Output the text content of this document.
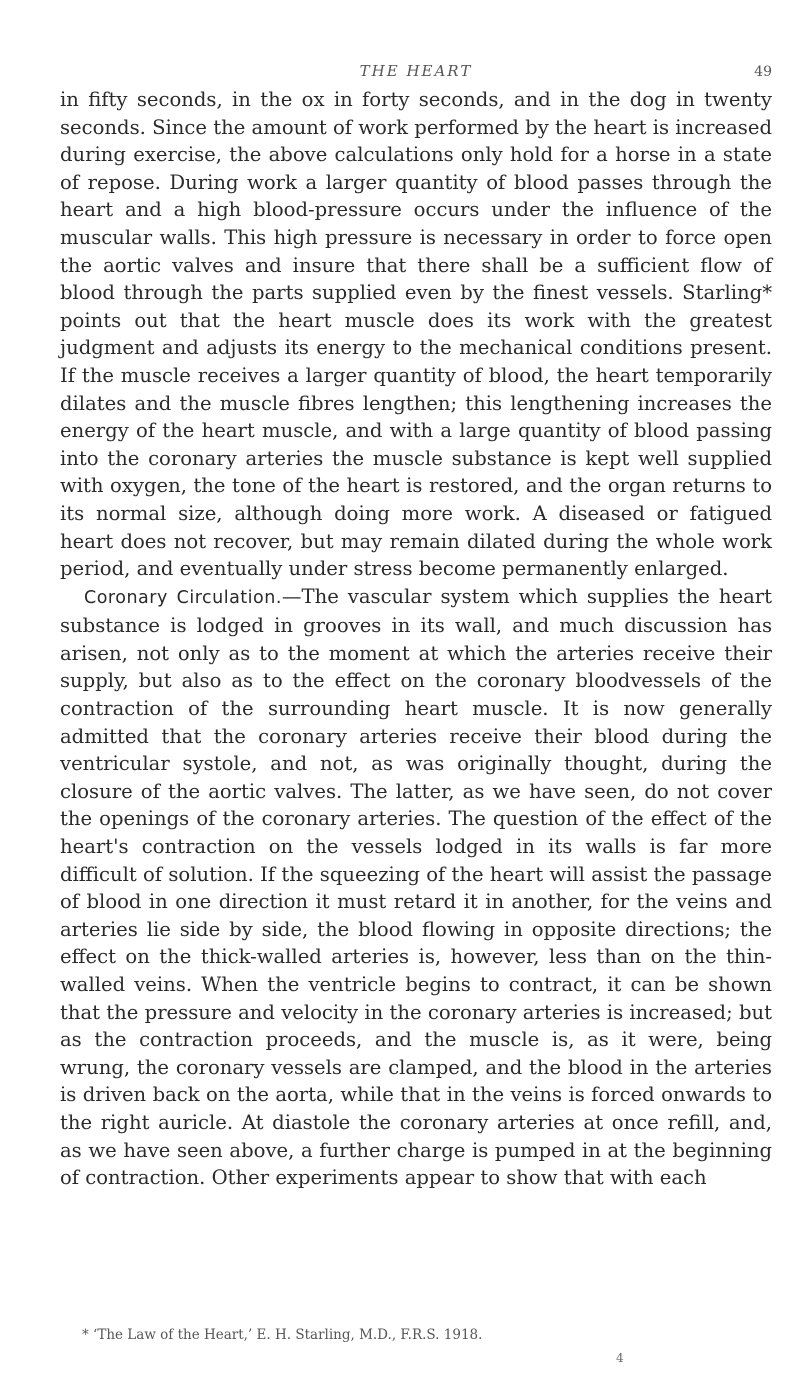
THE HEART	49

in fifty seconds, in the ox in forty seconds, and in the dog in twenty seconds. Since the amount of work performed by the heart is increased during exercise, the above calculations only hold for a horse in a state of repose. During work a larger quantity of blood passes through the heart and a high blood-pressure occurs under the influence of the muscular walls. This high pressure is necessary in order to force open the aortic valves and insure that there shall be a sufficient flow of blood through the parts supplied even by the finest vessels. Starling* points out that the heart muscle does its work with the greatest judgment and adjusts its energy to the mechanical conditions present. If the muscle receives a larger quantity of blood, the heart temporarily dilates and the muscle fibres lengthen; this lengthening increases the energy of the heart muscle, and with a large quantity of blood passing into the coronary arteries the muscle substance is kept well supplied with oxygen, the tone of the heart is restored, and the organ returns to its normal size, although doing more work. A diseased or fatigued heart does not recover, but may remain dilated during the whole work period, and eventually under stress become permanently enlarged.

Coronary Circulation.—The vascular system which supplies the heart substance is lodged in grooves in its wall, and much discussion has arisen, not only as to the moment at which the arteries receive their supply, but also as to the effect on the coronary bloodvessels of the contraction of the surrounding heart muscle. It is now generally admitted that the coronary arteries receive their blood during the ventricular systole, and not, as was originally thought, during the closure of the aortic valves. The latter, as we have seen, do not cover the openings of the coronary arteries. The question of the effect of the heart's contraction on the vessels lodged in its walls is far more difficult of solution. If the squeezing of the heart will assist the passage of blood in one direction it must retard it in another, for the veins and arteries lie side by side, the blood flowing in opposite directions; the effect on the thick-walled arteries is, however, less than on the thin-walled veins. When the ventricle begins to contract, it can be shown that the pressure and velocity in the coronary arteries is increased; but as the contraction proceeds, and the muscle is, as it were, being wrung, the coronary vessels are clamped, and the blood in the arteries is driven back on the aorta, while that in the veins is forced onwards to the right auricle. At diastole the coronary arteries at once refill, and, as we have seen above, a further charge is pumped in at the beginning of contraction. Other experiments appear to show that with each

* ‘The Law of the Heart,’ E. H. Starling, M.D., F.R.S. 1918.
4
